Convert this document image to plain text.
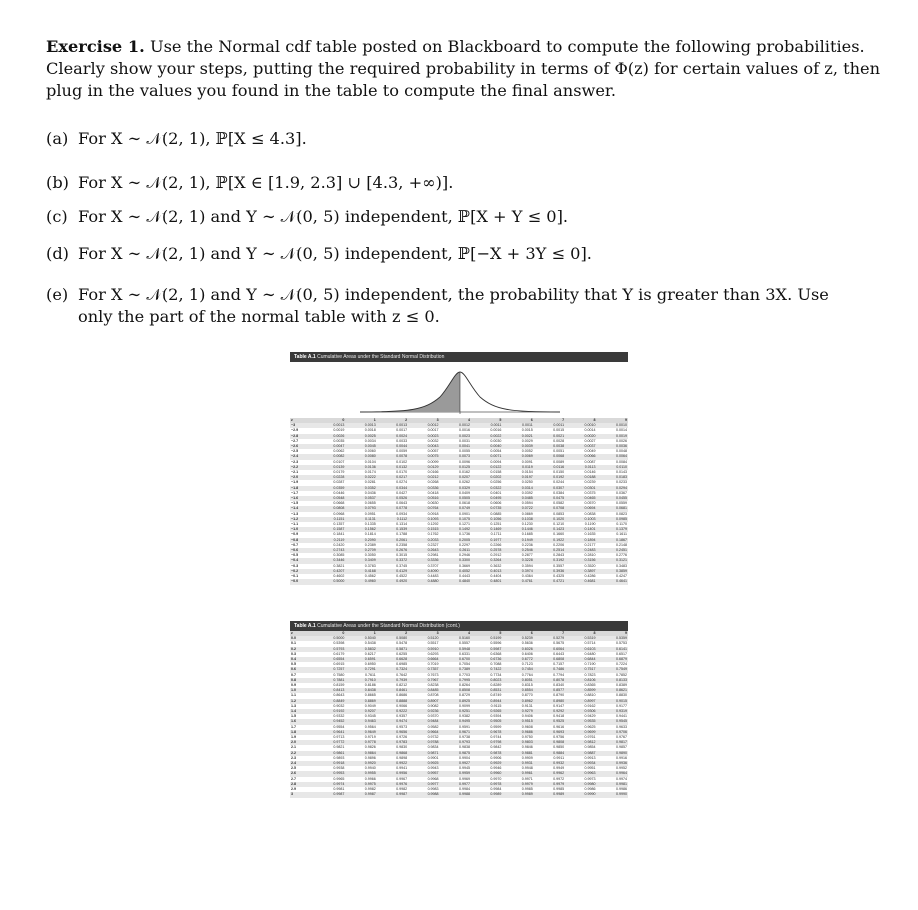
Exercise 1. Use the Normal cdf table posted on Blackboard to compute the following probabilities. Clearly show your steps, putting the required probability in terms of Φ(z) for certain values of z, then plug in the values you found in the table to compute the final answer.
(a) For X ∼ 𝒩(2, 1), ℙ[X ≤ 4.3].
(b) For X ∼ 𝒩(2, 1), ℙ[X ∈ [1.9, 2.3] ∪ [4.3, +∞)].
(c) For X ∼ 𝒩(2, 1) and Y ∼ 𝒩(0, 5) independent, ℙ[X + Y ≤ 0].
(d) For X ∼ 𝒩(2, 1) and Y ∼ 𝒩(0, 5) independent, ℙ[−X + 3Y ≤ 0].
(e) For X ∼ 𝒩(2, 1) and Y ∼ 𝒩(0, 5) independent, the probability that Y is greater than 3X. Use
only the part of the normal table with z ≤ 0.
Table A.1 Cumulative Areas under the Standard Normal Distribution
z	0	1	2	3	4	5	6	7	8	9
−3	0.0013	0.0013	0.0013	0.0012	0.0012	0.0011	0.0011	0.0011	0.0010	0.0010
−2.9	0.0019	0.0018	0.0017	0.0017	0.0016	0.0016	0.0015	0.0015	0.0014	0.0014
−2.8	0.0026	0.0025	0.0024	0.0023	0.0023	0.0022	0.0021	0.0021	0.0020	0.0019
−2.7	0.0035	0.0034	0.0033	0.0032	0.0031	0.0030	0.0029	0.0028	0.0027	0.0026
−2.6	0.0047	0.0045	0.0044	0.0043	0.0041	0.0040	0.0039	0.0038	0.0037	0.0036
−2.5	0.0062	0.0060	0.0059	0.0057	0.0055	0.0054	0.0052	0.0051	0.0049	0.0048
−2.4	0.0082	0.0080	0.0078	0.0075	0.0073	0.0071	0.0069	0.0068	0.0066	0.0064
−2.3	0.0107	0.0104	0.0102	0.0099	0.0096	0.0094	0.0091	0.0089	0.0087	0.0084
−2.2	0.0139	0.0136	0.0132	0.0129	0.0125	0.0122	0.0119	0.0116	0.0113	0.0110
−2.1	0.0179	0.0174	0.0170	0.0166	0.0162	0.0158	0.0154	0.0150	0.0146	0.0143
−2.0	0.0228	0.0222	0.0217	0.0212	0.0207	0.0202	0.0197	0.0192	0.0188	0.0183
−1.9	0.0287	0.0281	0.0274	0.0268	0.0262	0.0256	0.0250	0.0244	0.0239	0.0233
−1.8	0.0359	0.0352	0.0344	0.0336	0.0329	0.0322	0.0314	0.0307	0.0301	0.0294
−1.7	0.0446	0.0436	0.0427	0.0418	0.0409	0.0401	0.0392	0.0384	0.0375	0.0367
−1.6	0.0548	0.0537	0.0526	0.0516	0.0505	0.0495	0.0485	0.0475	0.0465	0.0455
−1.5	0.0668	0.0655	0.0643	0.0630	0.0618	0.0606	0.0594	0.0582	0.0570	0.0559
−1.4	0.0808	0.0793	0.0778	0.0764	0.0749	0.0735	0.0722	0.0708	0.0694	0.0681
−1.3	0.0968	0.0951	0.0934	0.0918	0.0901	0.0885	0.0869	0.0853	0.0838	0.0823
−1.2	0.1151	0.1131	0.1112	0.1093	0.1075	0.1056	0.1038	0.1020	0.1003	0.0985
−1.1	0.1357	0.1335	0.1314	0.1292	0.1271	0.1251	0.1230	0.1210	0.1190	0.1170
−1.0	0.1587	0.1562	0.1539	0.1515	0.1492	0.1469	0.1446	0.1423	0.1401	0.1379
−0.9	0.1841	0.1814	0.1788	0.1762	0.1736	0.1711	0.1685	0.1660	0.1635	0.1611
−0.8	0.2119	0.2090	0.2061	0.2033	0.2005	0.1977	0.1949	0.1922	0.1894	0.1867
−0.7	0.2420	0.2389	0.2358	0.2327	0.2297	0.2266	0.2236	0.2206	0.2177	0.2148
−0.6	0.2743	0.2709	0.2676	0.2643	0.2611	0.2578	0.2546	0.2514	0.2483	0.2451
−0.5	0.3085	0.3050	0.3015	0.2981	0.2946	0.2912	0.2877	0.2843	0.2810	0.2776
−0.4	0.3446	0.3409	0.3372	0.3336	0.3300	0.3264	0.3228	0.3192	0.3156	0.3121
−0.3	0.3821	0.3783	0.3745	0.3707	0.3669	0.3632	0.3594	0.3557	0.3520	0.3483
−0.2	0.4207	0.4168	0.4129	0.4090	0.4052	0.4013	0.3974	0.3936	0.3897	0.3859
−0.1	0.4602	0.4562	0.4522	0.4483	0.4443	0.4404	0.4364	0.4325	0.4286	0.4247
−0.0	0.5000	0.4960	0.4920	0.4880	0.4840	0.4801	0.4761	0.4721	0.4681	0.4641
Table A.1 Cumulative Areas under the Standard Normal Distribution (cont.)
z	0	1	2	3	4	5	6	7	8	9
0.0	0.5000	0.5040	0.5080	0.5120	0.5160	0.5199	0.5239	0.5279	0.5319	0.5359
0.1	0.5398	0.5438	0.5478	0.5517	0.5557	0.5596	0.5636	0.5675	0.5714	0.5753
0.2	0.5793	0.5832	0.5871	0.5910	0.5948	0.5987	0.6026	0.6064	0.6103	0.6141
0.3	0.6179	0.6217	0.6255	0.6293	0.6331	0.6368	0.6406	0.6443	0.6480	0.6517
0.4	0.6554	0.6591	0.6628	0.6664	0.6700	0.6736	0.6772	0.6808	0.6844	0.6879
0.5	0.6915	0.6950	0.6985	0.7019	0.7054	0.7088	0.7123	0.7157	0.7190	0.7224
0.6	0.7257	0.7291	0.7324	0.7357	0.7389	0.7422	0.7454	0.7486	0.7517	0.7549
0.7	0.7580	0.7611	0.7642	0.7673	0.7703	0.7734	0.7764	0.7794	0.7823	0.7852
0.8	0.7881	0.7910	0.7939	0.7967	0.7995	0.8023	0.8051	0.8078	0.8106	0.8133
0.9	0.8159	0.8186	0.8212	0.8238	0.8264	0.8289	0.8315	0.8340	0.8365	0.8389
1.0	0.8413	0.8438	0.8461	0.8485	0.8508	0.8531	0.8554	0.8577	0.8599	0.8621
1.1	0.8643	0.8665	0.8686	0.8708	0.8729	0.8749	0.8770	0.8790	0.8810	0.8830
1.2	0.8849	0.8869	0.8888	0.8907	0.8925	0.8944	0.8962	0.8980	0.8997	0.9015
1.3	0.9032	0.9049	0.9066	0.9082	0.9099	0.9115	0.9131	0.9147	0.9162	0.9177
1.4	0.9192	0.9207	0.9222	0.9236	0.9251	0.9265	0.9279	0.9292	0.9306	0.9319
1.5	0.9332	0.9345	0.9357	0.9370	0.9382	0.9394	0.9406	0.9418	0.9429	0.9441
1.6	0.9452	0.9463	0.9474	0.9484	0.9495	0.9505	0.9515	0.9525	0.9535	0.9545
1.7	0.9554	0.9564	0.9573	0.9582	0.9591	0.9599	0.9608	0.9616	0.9625	0.9633
1.8	0.9641	0.9649	0.9656	0.9664	0.9671	0.9678	0.9686	0.9693	0.9699	0.9706
1.9	0.9713	0.9719	0.9726	0.9732	0.9738	0.9744	0.9750	0.9756	0.9761	0.9767
2.0	0.9772	0.9778	0.9783	0.9788	0.9793	0.9798	0.9803	0.9808	0.9812	0.9817
2.1	0.9821	0.9826	0.9830	0.9834	0.9838	0.9842	0.9846	0.9850	0.9854	0.9857
2.2	0.9861	0.9864	0.9868	0.9871	0.9875	0.9878	0.9881	0.9884	0.9887	0.9890
2.3	0.9893	0.9896	0.9898	0.9901	0.9904	0.9906	0.9909	0.9911	0.9913	0.9916
2.4	0.9918	0.9920	0.9922	0.9925	0.9927	0.9929	0.9931	0.9932	0.9934	0.9936
2.5	0.9938	0.9940	0.9941	0.9943	0.9945	0.9946	0.9948	0.9949	0.9951	0.9952
2.6	0.9953	0.9955	0.9956	0.9957	0.9959	0.9960	0.9961	0.9962	0.9963	0.9964
2.7	0.9965	0.9966	0.9967	0.9968	0.9969	0.9970	0.9971	0.9972	0.9973	0.9974
2.8	0.9974	0.9975	0.9976	0.9977	0.9977	0.9978	0.9979	0.9979	0.9980	0.9981
2.9	0.9981	0.9982	0.9982	0.9983	0.9984	0.9984	0.9985	0.9985	0.9986	0.9986
3	0.9987	0.9987	0.9987	0.9988	0.9988	0.9989	0.9989	0.9989	0.9990	0.9990
